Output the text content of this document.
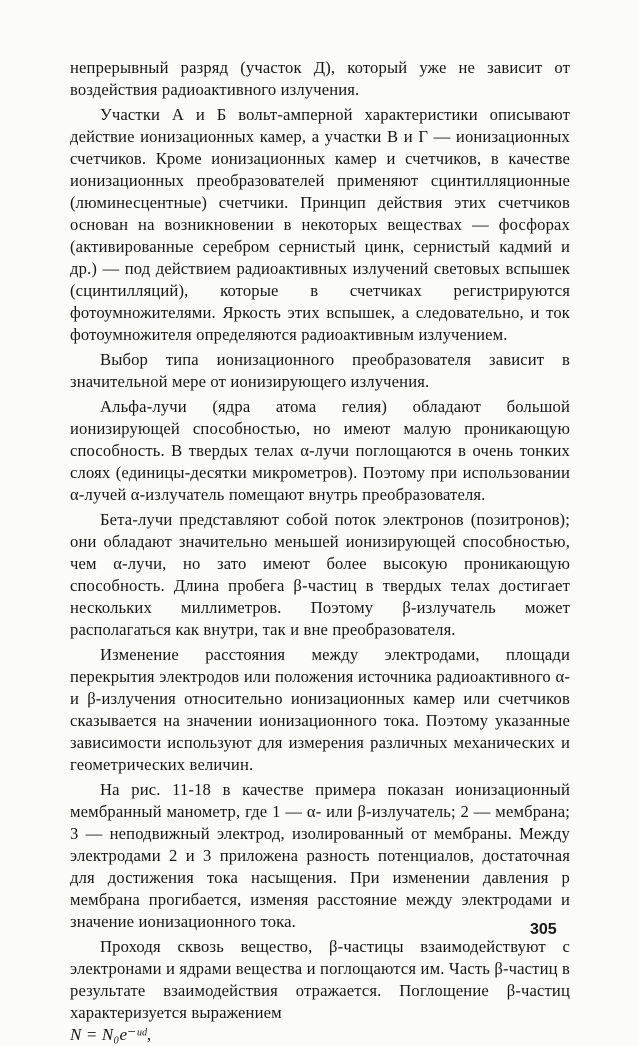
непрерывный разряд (участок Д), который уже не зависит от воздействия радиоактивного излучения.

Участки А и Б вольт-амперной характеристики описывают действие ионизационных камер, а участки В и Г — ионизационных счетчиков. Кроме ионизационных камер и счетчиков, в качестве ионизационных преобразователей применяют сцинтилляционные (люминесцентные) счетчики. Принцип действия этих счетчиков основан на возникновении в некоторых веществах — фосфорах (активированные серебром сернистый цинк, сернистый кадмий и др.) — под действием радиоактивных излучений световых вспышек (сцинтилляций), которые в счетчиках регистрируются фотоумножителями. Яркость этих вспышек, а следовательно, и ток фотоумножителя определяются радиоактивным излучением.

Выбор типа ионизационного преобразователя зависит в значительной мере от ионизирующего излучения.

Альфа-лучи (ядра атома гелия) обладают большой ионизирующей способностью, но имеют малую проникающую способность. В твердых телах α-лучи поглощаются в очень тонких слоях (единицы-десятки микрометров). Поэтому при использовании α-лучей α-излучатель помещают внутрь преобразователя.

Бета-лучи представляют собой поток электронов (позитронов); они обладают значительно меньшей ионизирующей способностью, чем α-лучи, но зато имеют более высокую проникающую способность. Длина пробега β-частиц в твердых телах достигает нескольких миллиметров. Поэтому β-излучатель может располагаться как внутри, так и вне преобразователя.

Изменение расстояния между электродами, площади перекрытия электродов или положения источника радиоактивного α- и β-излучения относительно ионизационных камер или счетчиков сказывается на значении ионизационного тока. Поэтому указанные зависимости используют для измерения различных механических и геометрических величин.

На рис. 11-18 в качестве примера показан ионизационный мембранный манометр, где 1 — α- или β-излучатель; 2 — мембрана; 3 — неподвижный электрод, изолированный от мембраны. Между электродами 2 и 3 приложена разность потенциалов, достаточная для достижения тока насыщения. При изменении давления p мембрана прогибается, изменяя расстояние между электродами и значение ионизационного тока.

Проходя сквозь вещество, β-частицы взаимодействуют с электронами и ядрами вещества и поглощаются им. Часть β-частиц в результате взаимодействия отражается. Поглощение β-частиц характеризуется выражением

N = N₀e⁻ᵘᵈ,

305
